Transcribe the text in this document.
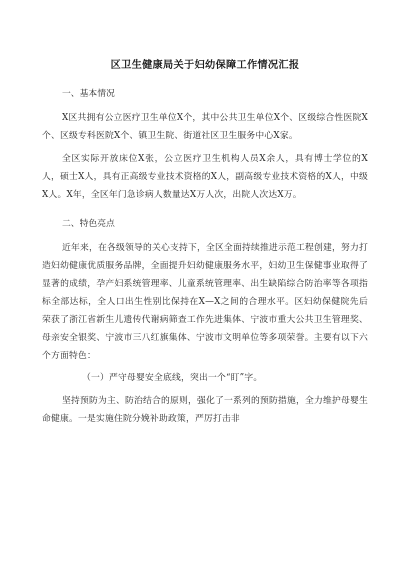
区卫生健康局关于妇幼保障工作情况汇报

一、基本情况

X区共拥有公立医疗卫生单位X个，其中公共卫生单位X个、区级综合性医院X个、区级专科医院X个、镇卫生院、街道社区卫生服务中心X家。

全区实际开放床位X张，公立医疗卫生机构人员X余人，具有博士学位的X人，硕士X人，具有正高级专业技术资格的X人，副高级专业技术资格的X人，中级X人。X年，全区年门急诊病人数量达X万人次，出院人次达X万。

二、特色亮点

近年来，在各级领导的关心支持下，全区全面持续推进示范工程创建，努力打造妇幼健康优质服务品牌，全面提升妇幼健康服务水平，妇幼卫生保健事业取得了显著的成绩，孕产妇系统管理率、儿童系统管理率、出生缺陷综合防治率等各项指标全部达标，全人口出生性别比保持在X—X之间的合理水平。区妇幼保健院先后荣获了浙江省新生儿遗传代谢病筛查工作先进集体、宁波市重大公共卫生管理奖、母亲安全银奖、宁波市三八红旗集体、宁波市文明单位等多项荣誉。主要有以下六个方面特色：

（一）严守母婴安全底线，突出一个“盯”字。

坚持预防为主、防治结合的原则，强化了一系列的预防措施，全力维护母婴生命健康。一是实施住院分娩补助政策，严厉打击非
